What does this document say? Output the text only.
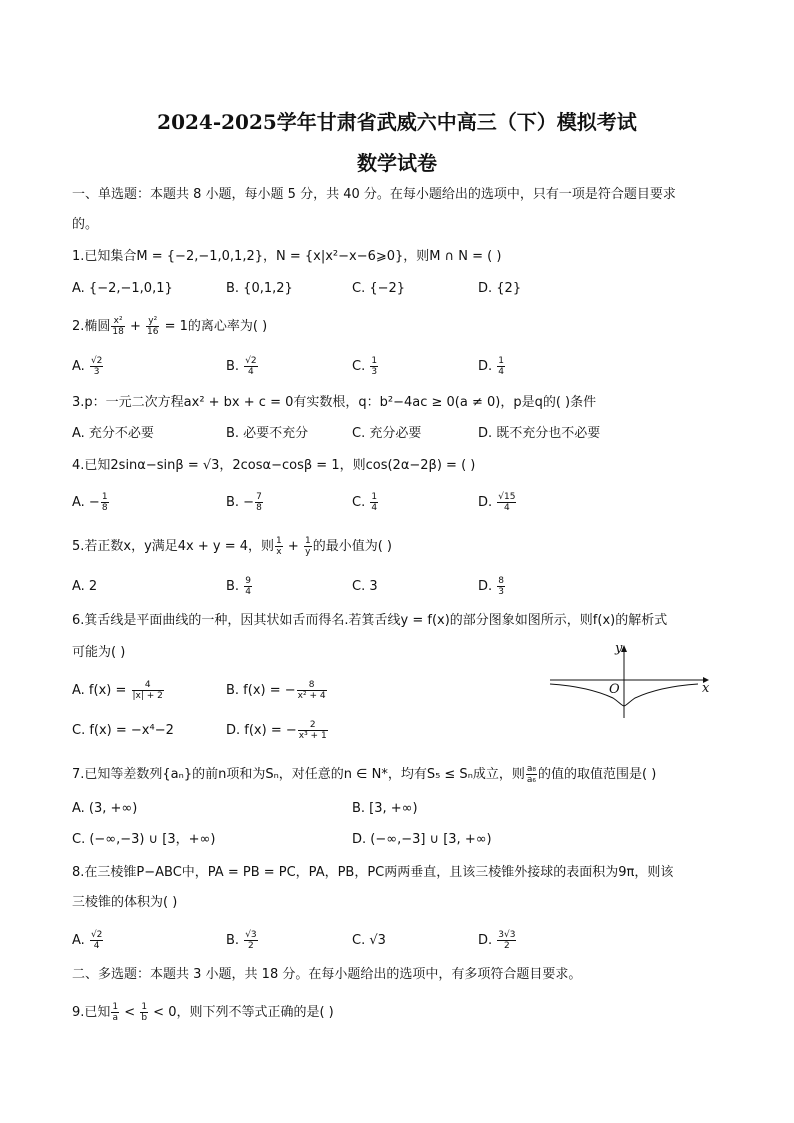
2024-2025学年甘肃省武威六中高三（下）模拟考试
数学试卷
一、单选题：本题共 8 小题，每小题 5 分，共 40 分。在每小题给出的选项中，只有一项是符合题目要求
的。
1.已知集合M = {−2,−1,0,1,2}，N = {x|x²−x−6⩾0}，则M ∩ N = ( )
A. {−2,−1,0,1}	B. {0,1,2}	C. {−2}	D. {2}
2.椭圆 $\frac{\text{x²}}{18} + \frac{\text{y²}}{16} = 1$的离心率为( )
A. $\frac{√2}{3}$	B. $\frac{√2}{4}$	C. $\frac{1}{3}$	D. $\frac{1}{4}$
3.p：一元二次方程ax² + bx + c = 0有实数根，q：b²−4ac ≥ 0(a ≠ 0)，p是q的( )条件
A. 充分不必要	B. 必要不充分	C. 充分必要	D. 既不充分也不必要
4.已知2sinα−sinβ = √3，2cosα−cosβ = 1，则cos(2α−2β) = ( )
A. − $\frac{1}{8}$	B. − $\frac{7}{8}$	C. $\frac{1}{4}$	D. $\frac{√15}{4}$
5.若正数x，y满足4x + y = 4，则 $\frac{1}{x} + \frac{1}{y}$ 的最小值为( )
A. 2	B. $\frac{9}{4}$	C. 3	D. $\frac{8}{3}$
6.箕舌线是平面曲线的一种，因其状如舌而得名.若箕舌线y = f(x)的部分图象如图所示，则f(x)的解析式
可能为( )
A. $f(x) = \frac{4}{|x| + 2}$	B. f(x) = − $\frac{8}{\text{x² + 4}}$
C. f(x) = −x⁴−2	D. f(x) = − $\frac{2}{\text{x³ + 1}}$
y
x
O
7.已知等差数列{aₙ}的前n项和为Sₙ，对任意的n ∈ N*，均有S₅ ≤ Sₙ成立，则 $\frac{\text{a₈}}{\text{a₆}}$ 的值的取值范围是( )
A. (3, +∞)	B. [3, +∞)
C. (−∞,−3) ∪ [3，+∞)	D. (−∞,−3] ∪ [3, +∞)
8.在三棱锥P−ABC中，PA = PB = PC，PA，PB，PC两两垂直，且该三棱锥外接球的表面积为9π，则该
三棱锥的体积为( )
A. $\frac{√2}{4}$	B. $\frac{√3}{2}$	C. √3	D. $\frac{3√3}{2}$
二、多选题：本题共 3 小题，共 18 分。在每小题给出的选项中，有多项符合题目要求。
9.已知 $\frac{1}{a} < \frac{1}{b} < 0$，则下列不等式正确的是( )
